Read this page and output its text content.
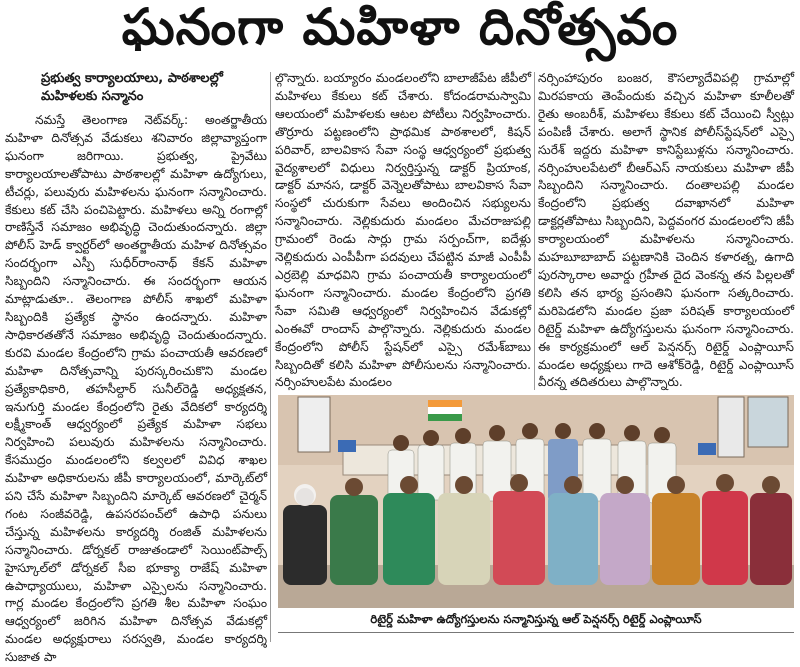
ఘనంగా మహిళా దినోత్సవం
ప్రభుత్వ కార్యాలయాలు, పాఠశాలల్లో
మహిళలకు సన్మానం

నమస్తే తెలంగాణ నెట్‌వర్క్‌: అంతర్జాతీయ మహిళా దినోత్సవ వేడుకలు శనివారం జిల్లావ్యాప్తంగా ఘనంగా జరిగాయి. ప్రభుత్వ, ప్రైవేటు కార్యాలయాలతోపాటు పాఠశాలల్లో మహిళా ఉద్యోగులు, టీచర్లు, పలువురు మహిళలను ఘనంగా సన్మానించారు. కేకులు కట్‌ చేసి పంచిపెట్టారు. మహిళలు అన్ని రంగాల్లో రాణిస్తేనే సమాజం అభివృద్ధి చెందుతుందన్నారు. జిల్లా పోలీస్‌ హెడ్‌ క్వార్టర్‌లో అంతర్జాతీయ మహిళ దినోత్సవం సందర్భంగా ఎస్పీ సుధీర్‌రాంనాథ్‌ కేకన్‌ మహిళా సిబ్బందిని సన్మానించారు. ఈ సందర్భంగా ఆయన మాట్లాడుతూ.. తెలంగాణ పోలీస్‌ శాఖలో మహిళా సిబ్బందికి ప్రత్యేక స్థానం ఉందన్నారు. మహిళా సాధికారతతోనే సమాజం అభివృద్ధి చెందుతుందన్నారు. కురవి మండల కేంద్రంలోని గ్రామ పంచాయతీ ఆవరణలో మహిళా దినోత్సవాన్ని పురస్కరించుకొని మండల ప్రత్యేకాధికారి, తహసీల్దార్‌ సునీల్‌రెడ్డి అధ్యక్షతన, ఇనుగుర్తి మండల కేంద్రంలోని రైతు వేదికలో కార్యదర్శి లక్ష్మీకాంత్‌ ఆధ్వర్యంలో ప్రత్యేక మహిళా సభలు నిర్వహించి పలువురు మహిళలను సన్మానించారు. కేసముద్రం మండలంలోని కల్వలలో వివిధ శాఖల మహిళా అధికారులను జీపీ కార్యాలయంలో, మార్కెట్‌లో పని చేసే మహిళా సిబ్బందిని మార్కెట్‌ ఆవరణలో చైర్మన్‌ గంట సంజీవరెడ్డి, ఉపసరపంచ్‌లో ఉపాధి పనులు చేస్తున్న మహిళలను కార్యదర్శి రంజిత్‌ మహిళలను సన్మానించారు. డోర్నకల్‌ రాజుతండాలో సెయింట్‌పాల్స్‌ హైస్కూల్‌లో డోర్నకల్‌ సీఐ భూక్యా రాజేష్‌ మహిళా ఉపాధ్యాయులు, మహిళా ఎస్సైలను సన్మానించారు. గార్ల మండల కేంద్రంలోని ప్రగతి శీల మహిళా సంఘం ఆధ్వర్యంలో జరిగిన మహిళా దినోత్సవ వేడుకల్లో మండల అధ్యక్షురాలు సరస్వతి, మండల కార్యదర్శి సుజాత పా

ల్గొన్నారు. బయ్యారం మండలంలోని బాలాజీపేట జీపీలో మహిళలు కేకులు కట్‌ చేశారు. కోదండరామస్వామి ఆలయంలో మహిళలకు ఆటల పోటీలు నిర్వహించారు. తొర్రూరు పట్టణంలోని ప్రాథమిక పాఠశాలలో, కిషన్‌ పరివార్‌, బాలవికాస సేవా సంస్థ ఆధ్వర్యంలో ప్రభుత్వ వైద్యశాలలో విధులు నిర్వర్తిస్తున్న డాక్టర్‌ ప్రియాంక, డాక్టర్‌ మానస, డాక్టర్‌ వెన్నెలతోపాటు బాలవికాస సేవా సంస్థలో చురుకుగా సేవలు అందించిన సభ్యులను సన్మానించారు. నెల్లికుదురు మండలం మేచరాజుపల్లి గ్రామంలో రెండు సార్లు గ్రామ సర్పంచ్‌గా, ఐదేళ్లు నెల్లికుదురు ఎంపీపీగా పదవులు చేపట్టిన మాజీ ఎంపీపీ ఎర్రబెల్లి మాధవిని గ్రామ పంచాయతీ కార్యాలయంలో ఘనంగా సన్మానించారు. మండల కేంద్రంలోని ప్రగతి సేవా సమితి ఆధ్వర్యంలో నిర్వహించిన వేడుకల్లో ఎంఈవో రాందాస్‌ పాల్గొన్నారు. నెల్లికుదురు మండల కేంద్రంలోని పోలీస్‌ స్టేషన్‌లో ఎస్సై రమేశ్‌బాబు సిబ్బందితో కలిసి మహిళా పోలీసులను సన్మానించారు. నర్సింహులపేట మండలం

నర్సింహాపురం బంజర, కౌసల్యాదేవిపల్లి గ్రామాల్లో మిరపకాయ తెంపేందుకు వచ్చిన మహిళా కూలీలతో రైతు అంబరీశ్‌, మహిళలు కేకులు కట్‌ చేయించి స్వీట్లు పంపిణీ చేశారు. అలాగే స్థానిక పోలీస్‌స్టేషన్‌లో ఎస్సై సురేశ్‌ ఇద్దరు మహిళా కానిస్టేబుళ్లను సన్మానించారు. నర్సింహులపేటలో బీఆర్‌ఎస్‌ నాయకులు మహిళా జీపీ సిబ్బందిని సన్మానించారు. దంతాలపల్లి మండల కేంద్రంలోని ప్రభుత్వ దవాఖానలో మహిళా డాక్టర్లతోపాటు సిబ్బందిని, పెద్దవంగర మండలంలోని జీపీ కార్యాలయంలో మహిళలను సన్మానించారు. మహబూబాబాద్‌ పట్టణానికి చెందిన కళారత్న, ఉగాది పురస్కారాల అవార్డు గ్రహీత దైద వెంకన్న తన పిల్లలతో కలిసి తన భార్య ప్రసంతిని ఘనంగా సత్కరించారు. మరిపెడలోని మండల ప్రజా పరిషత్‌ కార్యాలయంలో రిటైర్డ్‌ మహిళా ఉద్యోగస్తులను ఘనంగా సన్మానించారు. ఈ కార్యక్రమంలో ఆల్‌ పెన్షనర్స్‌ రిటైర్డ్‌ ఎంప్లాయీస్‌ మండల అధ్యక్షులు గాదె ఆశోక్‌రెడ్డి, రిటైర్డ్‌ ఎంప్లాయీస్‌ వీరన్న తదితరులు పాల్గొన్నారు.

రిటైర్డ్‌ మహిళా ఉద్యోగస్తులను సన్మానిస్తున్న ఆల్‌ పెన్షనర్స్‌ రిటైర్డ్‌ ఎంప్లాయీస్‌
